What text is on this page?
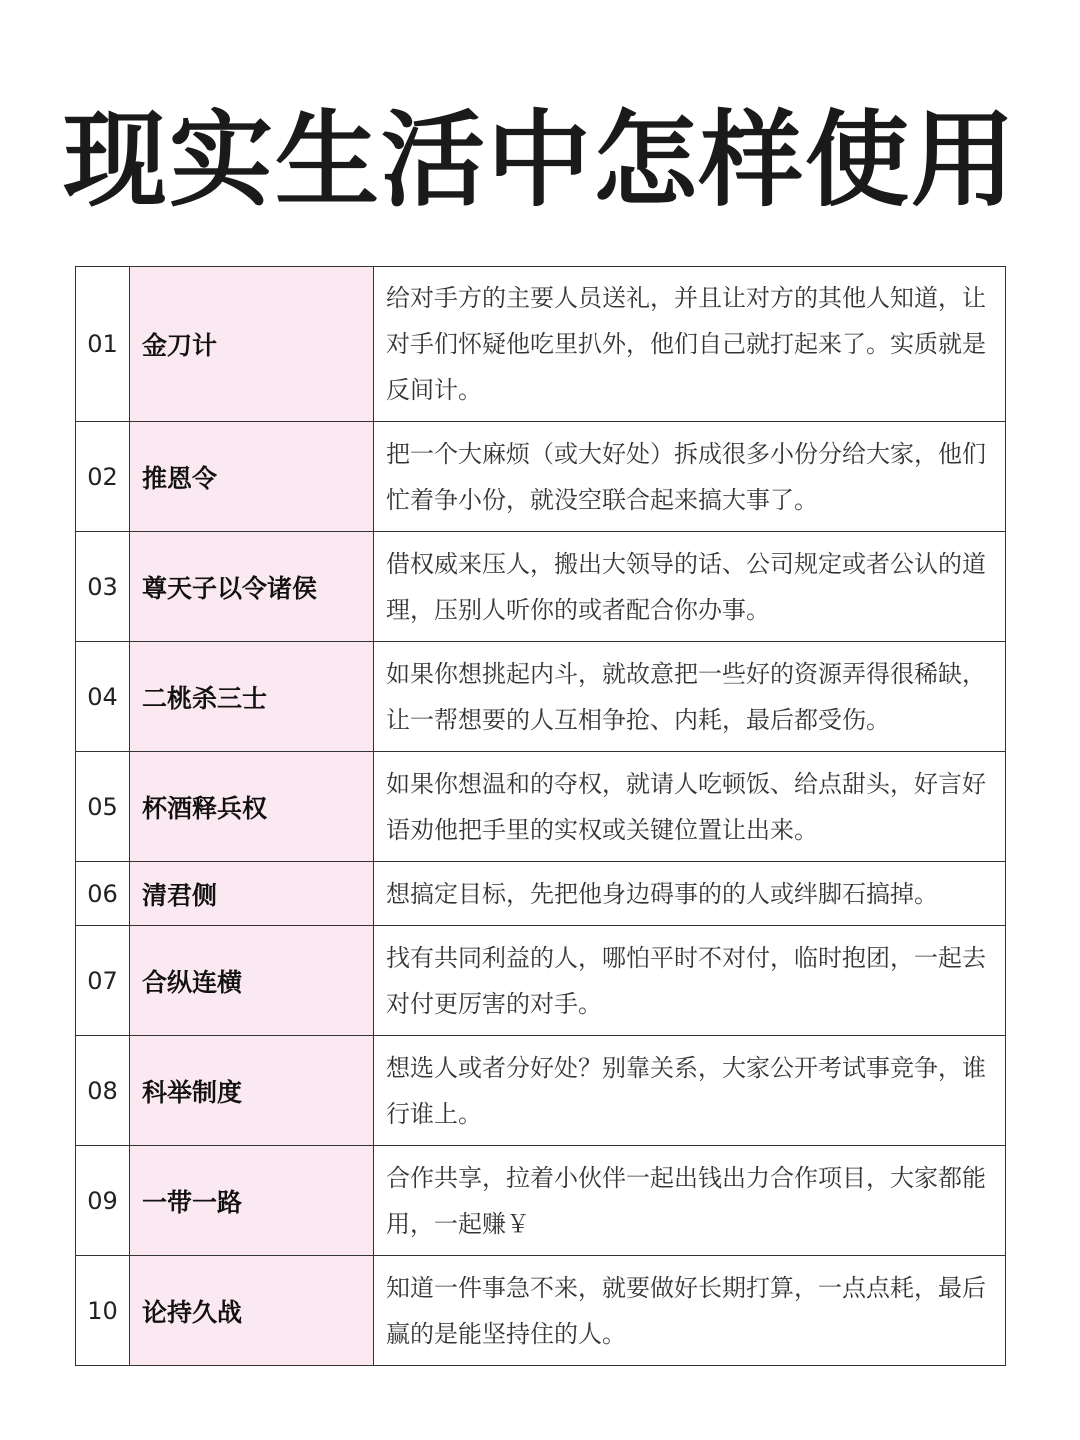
现实生活中怎样使用
01	金刀计	给对手方的主要人员送礼，并且让对方的其他人知道，让对手们怀疑他吃里扒外，他们自己就打起来了。实质就是反间计。
02	推恩令	把一个大麻烦（或大好处）拆成很多小份分给大家，他们忙着争小份，就没空联合起来搞大事了。
03	尊天子以令诸侯	借权威来压人，搬出大领导的话、公司规定或者公认的道理，压别人听你的或者配合你办事。
04	二桃杀三士	如果你想挑起内斗，就故意把一些好的资源弄得很稀缺，让一帮想要的人互相争抢、内耗，最后都受伤。
05	杯酒释兵权	如果你想温和的夺权，就请人吃顿饭、给点甜头，好言好语劝他把手里的实权或关键位置让出来。
06	清君侧	想搞定目标，先把他身边碍事的的人或绊脚石搞掉。
07	合纵连横	找有共同利益的人，哪怕平时不对付，临时抱团，一起去对付更厉害的对手。
08	科举制度	想选人或者分好处？别靠关系，大家公开考试事竞争，谁行谁上。
09	一带一路	合作共享，拉着小伙伴一起出钱出力合作项目，大家都能用，一起赚￥
10	论持久战	知道一件事急不来，就要做好长期打算，一点点耗，最后赢的是能坚持住的人。
